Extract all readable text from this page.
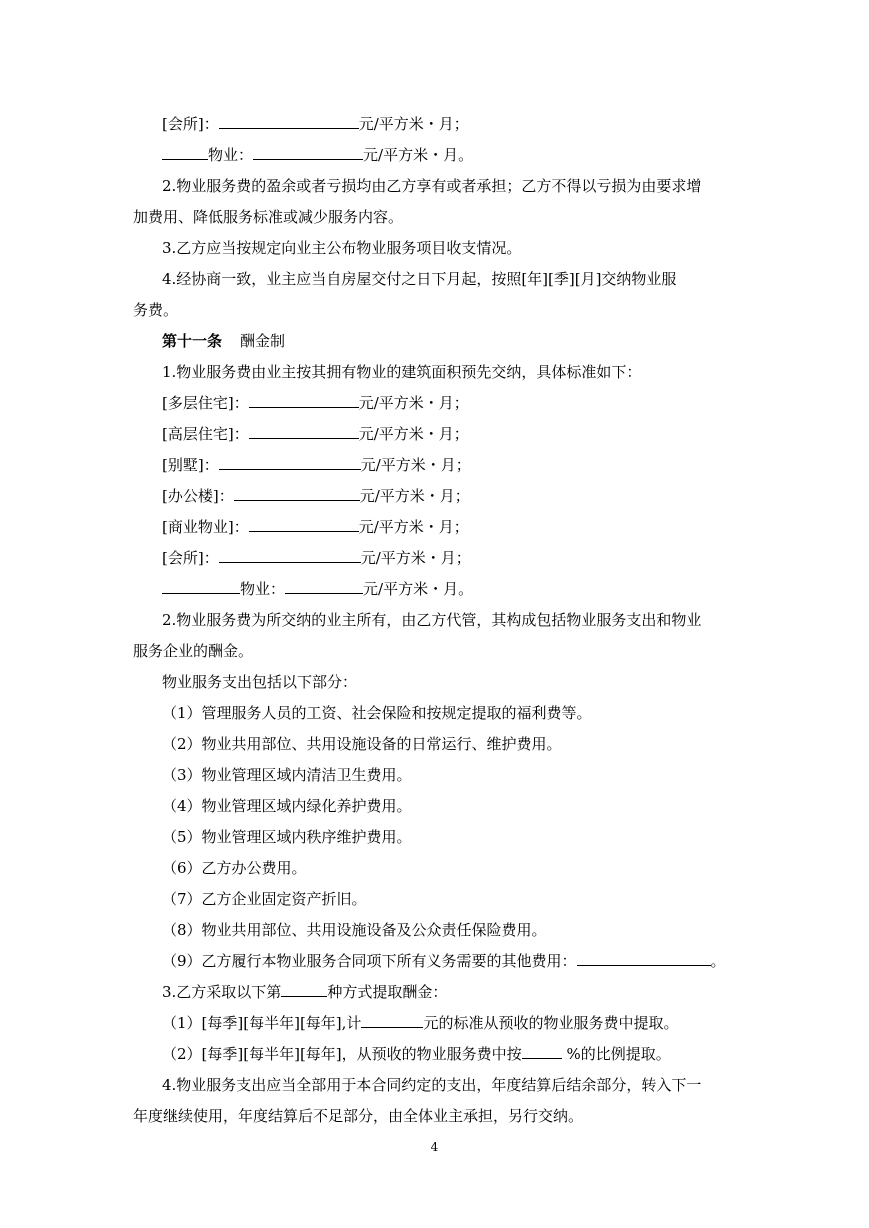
[会所]：	元/平方米・月；
物业：	元/平方米・月。
2.物业服务费的盈余或者亏损均由乙方享有或者承担；乙方不得以亏损为由要求增
加费用、降低服务标准或减少服务内容。
3.乙方应当按规定向业主公布物业服务项目收支情况。
4.经协商一致，业主应当自房屋交付之日下月起，按照[年][季][月]交纳物业服
务费。
第十一条 酬金制
1.物业服务费由业主按其拥有物业的建筑面积预先交纳，具体标准如下：
[多层住宅]：	元/平方米・月；
[高层住宅]：	元/平方米・月；
[别墅]：	元/平方米・月；
[办公楼]：	元/平方米・月；
[商业物业]：	元/平方米・月；
[会所]：	元/平方米・月；
物业：	元/平方米・月。
2.物业服务费为所交纳的业主所有，由乙方代管，其构成包括物业服务支出和物业
服务企业的酬金。
物业服务支出包括以下部分：
（1）管理服务人员的工资、社会保险和按规定提取的福利费等。
（2）物业共用部位、共用设施设备的日常运行、维护费用。
（3）物业管理区域内清洁卫生费用。
（4）物业管理区域内绿化养护费用。
（5）物业管理区域内秩序维护费用。
（6）乙方办公费用。
（7）乙方企业固定资产折旧。
（8）物业共用部位、共用设施设备及公众责任保险费用。
（9）乙方履行本物业服务合同项下所有义务需要的其他费用：	。
3.乙方采取以下第	种方式提取酬金：
（1）[每季][每半年][每年],计	元的标准从预收的物业服务费中提取。
（2）[每季][每半年][每年]，从预收的物业服务费中按	%的比例提取。
4.物业服务支出应当全部用于本合同约定的支出，年度结算后结余部分，转入下一
年度继续使用，年度结算后不足部分，由全体业主承担，另行交纳。
4
